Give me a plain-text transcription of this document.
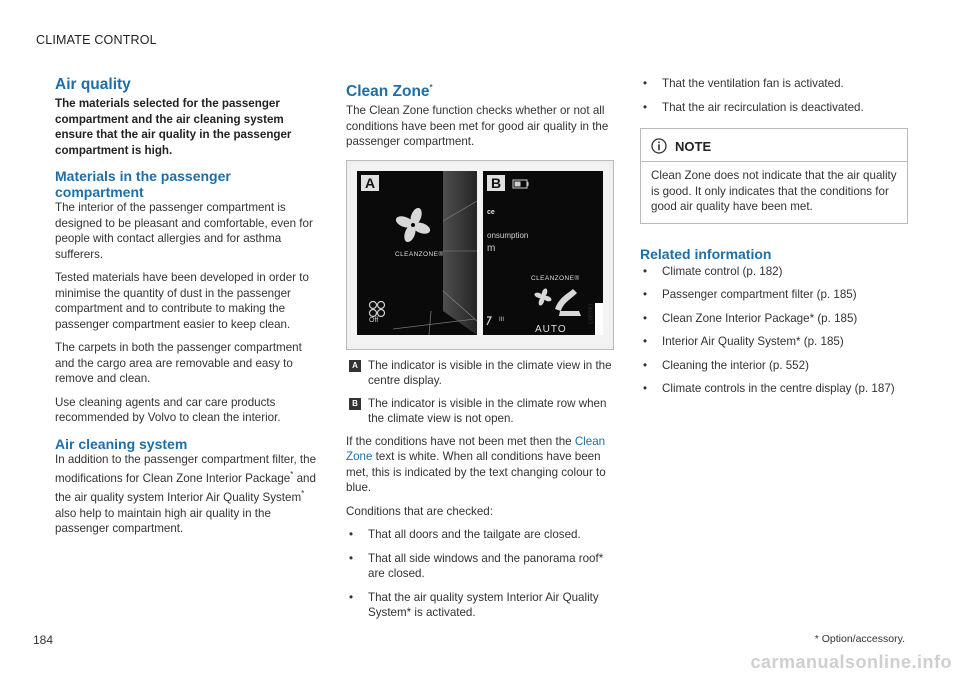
CLIMATE CONTROL
Air quality

The materials selected for the passenger compartment and the air cleaning system ensure that the air quality in the passenger compartment is high.

Materials in the passenger compartment

The interior of the passenger compartment is designed to be pleasant and comfortable, even for people with contact allergies and for asthma sufferers.

Tested materials have been developed in order to minimise the quantity of dust in the passenger compartment and to contribute to making the passenger compartment easier to keep clean.

The carpets in both the passenger compartment and the cargo area are removable and easy to remove and clean.

Use cleaning agents and car care products recommended by Volvo to clean the interior.

Air cleaning system

In addition to the passenger compartment filter, the modifications for Clean Zone Interior Package* and the air quality system Interior Air Quality System* also help to maintain high air quality in the passenger compartment.

Clean Zone*

The Clean Zone function checks whether or not all conditions have been met for good air quality in the passenger compartment.

A	B
CLEANZONE®
Off
ce
onsumption
m
CLEANZONE®
AUTO
III	C0E0R3
A The indicator is visible in the climate view in the centre display.
B The indicator is visible in the climate row when the climate view is not open.

If the conditions have not been met then the Clean Zone text is white. When all conditions have been met, this is indicated by the text changing colour to blue.

Conditions that are checked:

• That all doors and the tailgate are closed.
• That all side windows and the panorama roof* are closed.
• That the air quality system Interior Air Quality System* is activated.
• That the ventilation fan is activated.
• That the air recirculation is deactivated.
NOTE

Clean Zone does not indicate that the air quality is good. It only indicates that the conditions for good air quality have been met.

Related information
• Climate control (p. 182)
• Passenger compartment filter (p. 185)
• Clean Zone Interior Package* (p. 185)
• Interior Air Quality System* (p. 185)
• Cleaning the interior (p. 552)
• Climate controls in the centre display (p. 187)
184	* Option/accessory.
carmanualsonline.info
